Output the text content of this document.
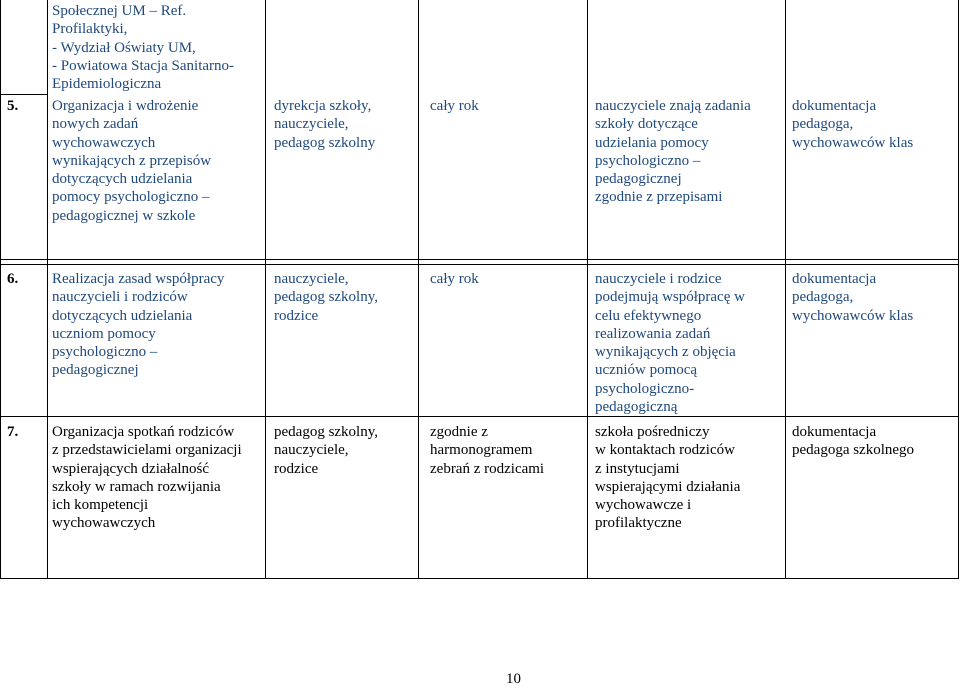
Społecznej UM – Ref.
Profilaktyki,
- Wydział Oświaty UM,
- Powiatowa Stacja Sanitarno-
Epidemiologiczna
5. Organizacja i wdrożenie
nowych zadań
wychowawczych
wynikających z przepisów
dotyczących udzielania
pomocy psychologiczno –
pedagogicznej w szkole
dyrekcja szkoły,
nauczyciele,
pedagog szkolny
cały rok	nauczyciele znają zadania
szkoły dotyczące
udzielania pomocy
psychologiczno –
pedagogicznej
zgodnie z przepisami
dokumentacja
pedagoga,
wychowawców klas
6. Realizacja zasad współpracy
nauczycieli i rodziców
dotyczących udzielania
uczniom pomocy
psychologiczno –
pedagogicznej
nauczyciele,
pedagog szkolny,
rodzice
cały rok	nauczyciele i rodzice
podejmują współpracę w
celu efektywnego
realizowania zadań
wynikających z objęcia
uczniów pomocą
psychologiczno-
pedagogiczną
dokumentacja
pedagoga,
wychowawców klas
7. Organizacja spotkań rodziców
z przedstawicielami organizacji
wspierających działalność
szkoły w ramach rozwijania
ich kompetencji
wychowawczych
pedagog szkolny,
nauczyciele,
rodzice
zgodnie z
harmonogramem
zebrań z rodzicami
szkoła pośredniczy
w kontaktach rodziców
z instytucjami
wspierającymi działania
wychowawcze i
profilaktyczne
dokumentacja
pedagoga szkolnego
10
